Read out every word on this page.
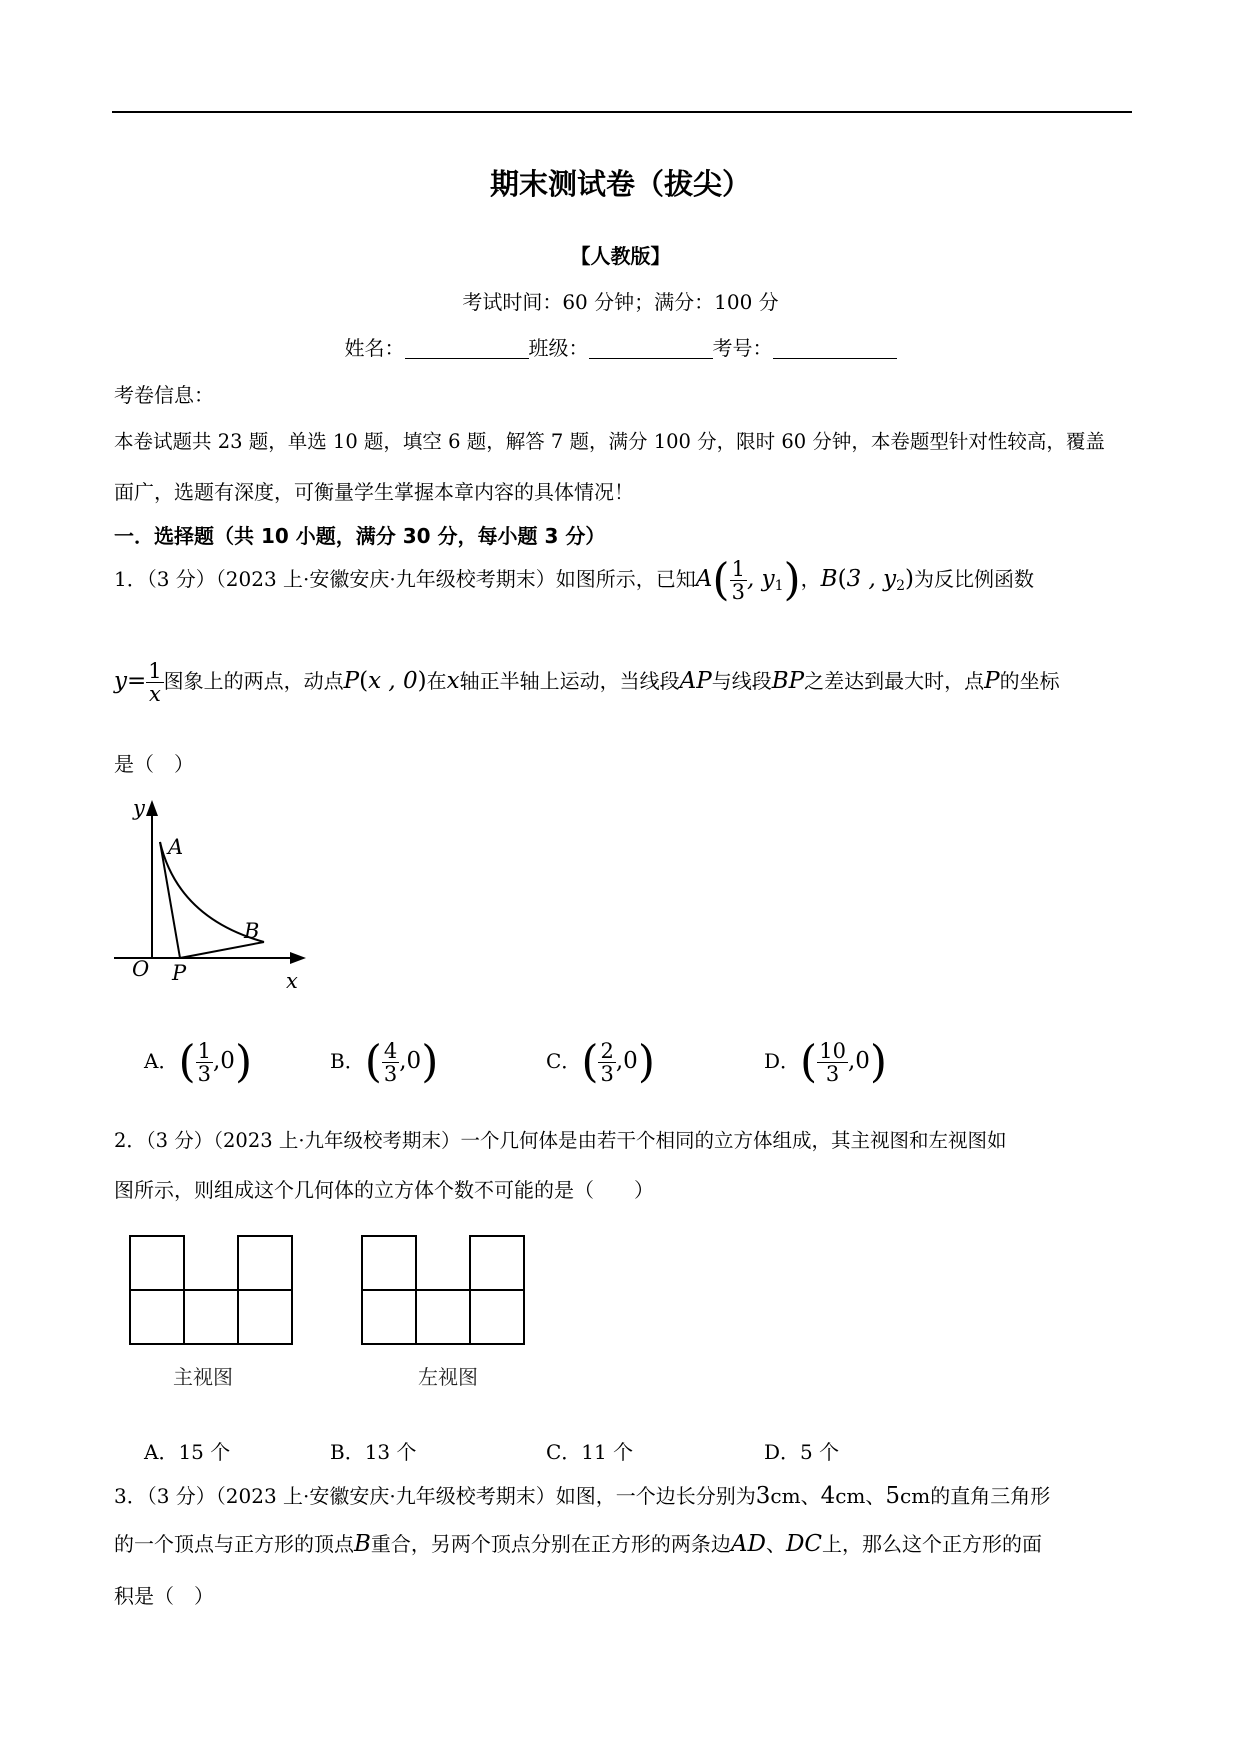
期末测试卷（拔尖）
【人教版】
考试时间：60 分钟；满分：100 分
姓名：	班级：	考号：
考卷信息：
本卷试题共 23 题，单选 10 题，填空 6 题，解答 7 题，满分 100 分，限时 60 分钟，本卷题型针对性较高，覆盖
面广，选题有深度，可衡量学生掌握本章内容的具体情况！
一．选择题（共 10 小题，满分 30 分，每小题 3 分）
1．（3 分）（2023 上·安徽安庆·九年级校考期末）如图所示，已知$A( \frac{1}{3}$ , $y_1$)，B(3 , $y_2$)为反比例函数
$y= \frac{1}{x}$ 图象上的两点，动点P(x , 0)在x轴正半轴上运动，当线段AP与线段BP之差达到最大时，点P的坐标
是（　）
y
x
O
A
B
P
A．( $\frac{1}{3} ,0$)	B．( $\frac{4}{3} ,0$)	C．( $\frac{2}{3} ,0$)	D．( $\frac{10}{3} ,0$)
2．（3 分）（2023 上·九年级校考期末）一个几何体是由若干个相同的立方体组成，其主视图和左视图如
图所示，则组成这个几何体的立方体个数不可能的是（　　）
主视图	左视图
A．15 个	B．13 个	C．11 个	D．5 个
3．（3 分）（2023 上·安徽安庆·九年级校考期末）如图，一个边长分别为3cm、4cm、5cm的直角三角形
的一个顶点与正方形的顶点B重合，另两个顶点分别在正方形的两条边AD、DC上，那么这个正方形的面
积是（　）
